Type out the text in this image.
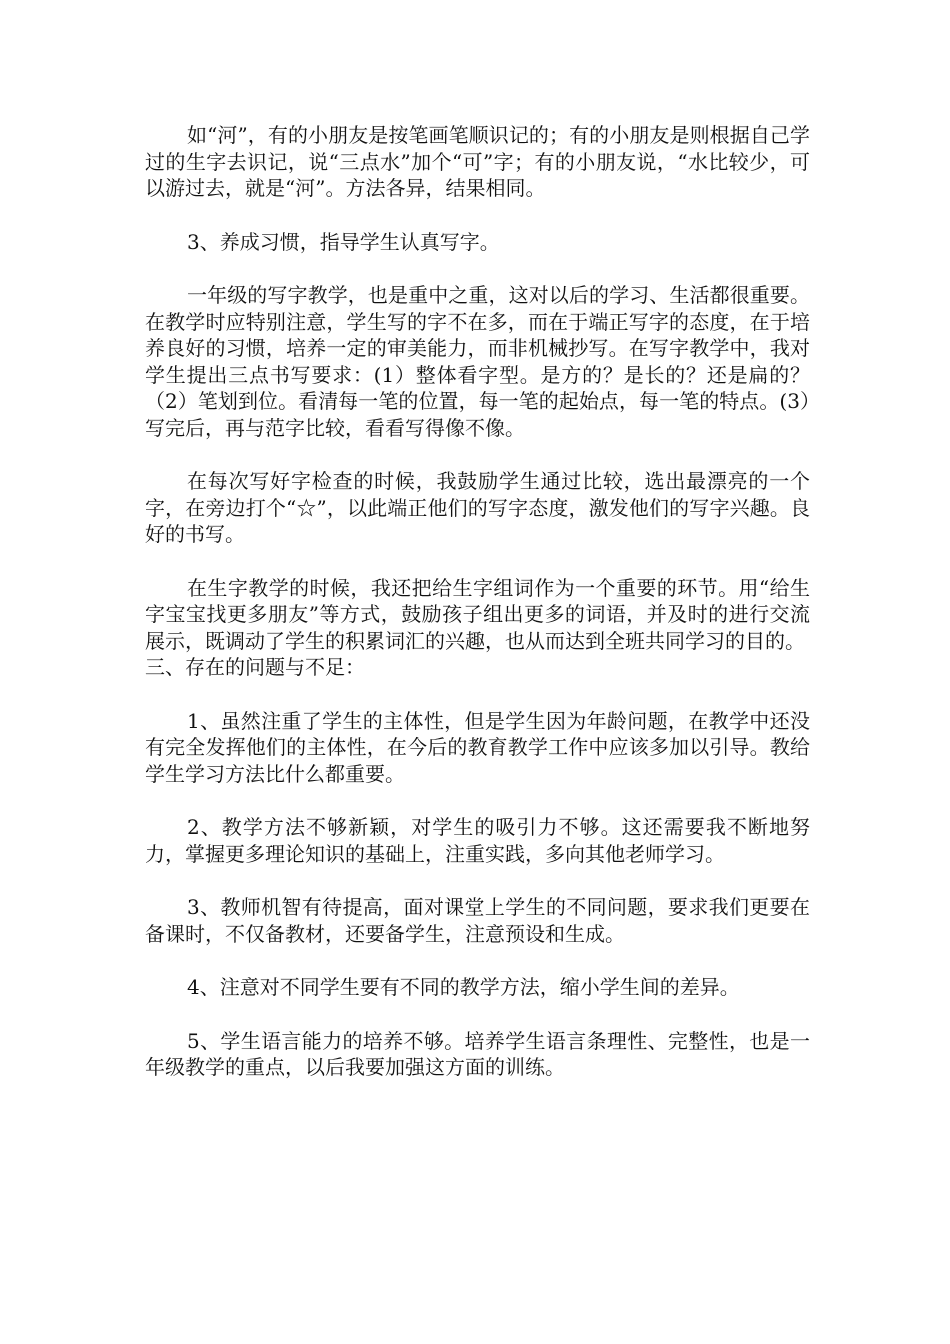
如“河”，有的小朋友是按笔画笔顺识记的；有的小朋友是则根据自己学过的生字去识记，说“三点水”加个“可”字；有的小朋友说，“水比较少，可以游过去，就是“河”。方法各异，结果相同。

3、养成习惯，指导学生认真写字。

一年级的写字教学，也是重中之重，这对以后的学习、生活都很重要。在教学时应特别注意，学生写的字不在多，而在于端正写字的态度，在于培养良好的习惯，培养一定的审美能力，而非机械抄写。在写字教学中，我对学生提出三点书写要求：(1）整体看字型。是方的？是长的？还是扁的？（2）笔划到位。看清每一笔的位置，每一笔的起始点，每一笔的特点。(3）写完后，再与范字比较，看看写得像不像。

在每次写好字检查的时候，我鼓励学生通过比较，选出最漂亮的一个字，在旁边打个“☆”，以此端正他们的写字态度，激发他们的写字兴趣。良好的书写。

在生字教学的时候，我还把给生字组词作为一个重要的环节。用“给生字宝宝找更多朋友”等方式，鼓励孩子组出更多的词语，并及时的进行交流展示，既调动了学生的积累词汇的兴趣，也从而达到全班共同学习的目的。

三、存在的问题与不足：

1、虽然注重了学生的主体性，但是学生因为年龄问题，在教学中还没有完全发挥他们的主体性，在今后的教育教学工作中应该多加以引导。教给学生学习方法比什么都重要。

2、教学方法不够新颖，对学生的吸引力不够。这还需要我不断地努力，掌握更多理论知识的基础上，注重实践，多向其他老师学习。

3、教师机智有待提高，面对课堂上学生的不同问题，要求我们更要在备课时，不仅备教材，还要备学生，注意预设和生成。

4、注意对不同学生要有不同的教学方法，缩小学生间的差异。

5、学生语言能力的培养不够。培养学生语言条理性、完整性，也是一年级教学的重点，以后我要加强这方面的训练。
